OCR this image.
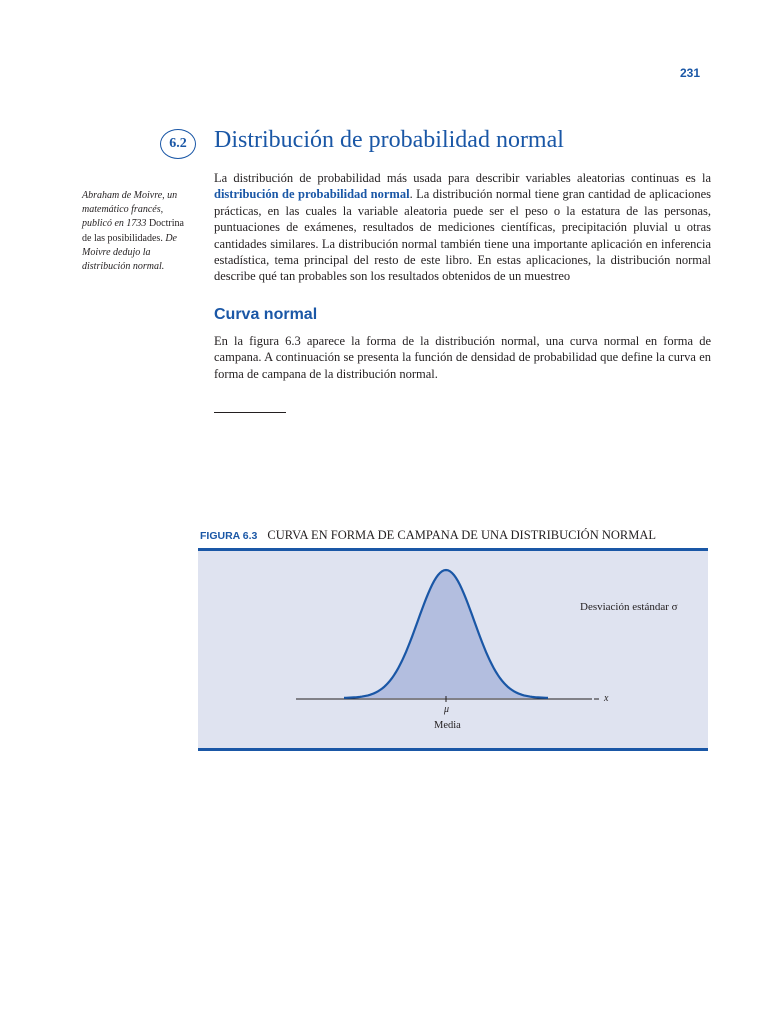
231
6.2	Distribución de probabilidad normal
Abraham de Moivre, un matemático francés, publicó en 1733 Doctrina de las posibilidades. De Moivre dedujo la distribución normal.

La distribución de probabilidad más usada para describir variables aleatorias continuas es la distribución de probabilidad normal. La distribución normal tiene gran cantidad de aplicaciones prácticas, en las cuales la variable aleatoria puede ser el peso o la estatura de las personas, puntuaciones de exámenes, resultados de mediciones científicas, precipitación pluvial u otras cantidades similares. La distribución normal también tiene una importante aplicación en inferencia estadística, tema principal del resto de este libro. En estas aplicaciones, la distribución normal describe qué tan probables son los resultados obtenidos de un muestreo

Curva normal

En la figura 6.3 aparece la forma de la distribución normal, una curva normal en forma de campana. A continuación se presenta la función de densidad de probabilidad que define la curva en forma de campana de la distribución normal.

FIGURA 6.3 CURVA EN FORMA DE CAMPANA DE UNA DISTRIBUCIÓN NORMAL
Desviación estándar σ
x
μ
Media
